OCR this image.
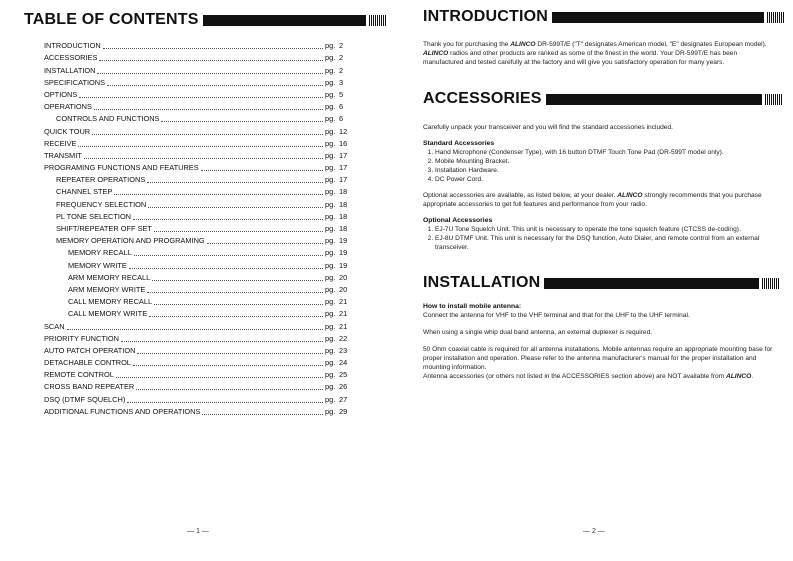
TABLE OF CONTENTS
INTRODUCTION	pg. 2
ACCESSORIES	pg. 2
INSTALLATION	pg. 2
SPECIFICATIONS	pg. 3
OPTIONS	pg. 5
OPERATIONS	pg. 6
CONTROLS AND FUNCTIONS	pg. 6
QUICK TOUR	pg. 12
RECEIVE	pg. 16
TRANSMIT	pg. 17
PROGRAMING FUNCTIONS AND FEATURES	pg. 17
REPEATER OPERATIONS	pg. 17
CHANNEL STEP	pg. 18
FREQUENCY SELECTION	pg. 18
PL TONE SELECTION	pg. 18
SHIFT/REPEATER OFF SET	pg. 18
MEMORY OPERATION AND PROGRAMING	pg. 19
MEMORY RECALL	pg. 19
MEMORY WRITE	pg. 19
ARM MEMORY RECALL	pg. 20
ARM MEMORY WRITE	pg. 20
CALL MEMORY RECALL	pg. 21
CALL MEMORY WRITE	pg. 21
SCAN	pg. 21
PRIORITY FUNCTION	pg. 22
AUTO PATCH OPERATION	pg. 23
DETACHABLE CONTROL	pg. 24
REMOTE CONTROL	pg. 25
CROSS BAND REPEATER	pg. 26
DSQ (DTMF SQUELCH)	pg. 27
ADDITIONAL FUNCTIONS AND OPERATIONS	pg. 29
— 1 —
INTRODUCTION

Thank you for purchasing the ALINCO DR-599T/E ("T" designates American model, "E" designates European model). ALINCO radios and other products are ranked as some of the finest in the world. Your DR-599T/E has been manufactured and tested carefully at the factory and will give you satisfactory operation for many years.

ACCESSORIES

Carefully unpack your transceiver and you will find the standard accessories included.

Standard Accessories

1. Hand Microphone (Condenser Type), with 16 button DTMF Touch Tone Pad (DR-599T model only).
2. Mobile Mounting Bracket.
3. Installation Hardware.
4. DC Power Cord.

Optional accessories are available, as listed below, at your dealer. ALINCO strongly recommends that you purchase appropriate accessories to get full features and performance from your radio.

Optional Accessories

1. EJ-7U Tone Squelch Unit. This unit is necessary to operate the tone squelch feature (CTCSS de-coding).
2. EJ-8U DTMF Unit. This unit is necessary for the DSQ function, Auto Dialer, and remote control from an external transceiver.
INSTALLATION

How to install mobile antenna:

Connect the antenna for VHF to the VHF terminal and that for the UHF to the UHF terminal.

When using a single whip dual band antenna, an external duplexer is required.

50 Ohm coaxial cable is required for all antenna installations. Mobile antennas require an appropriate mounting base for proper installation and operation. Please refer to the antenna manufacturer's manual for the proper installation and mounting information.

Antenna accessories (or others not listed in the ACCESSORIES section above) are NOT available from ALINCO.

— 2 —
